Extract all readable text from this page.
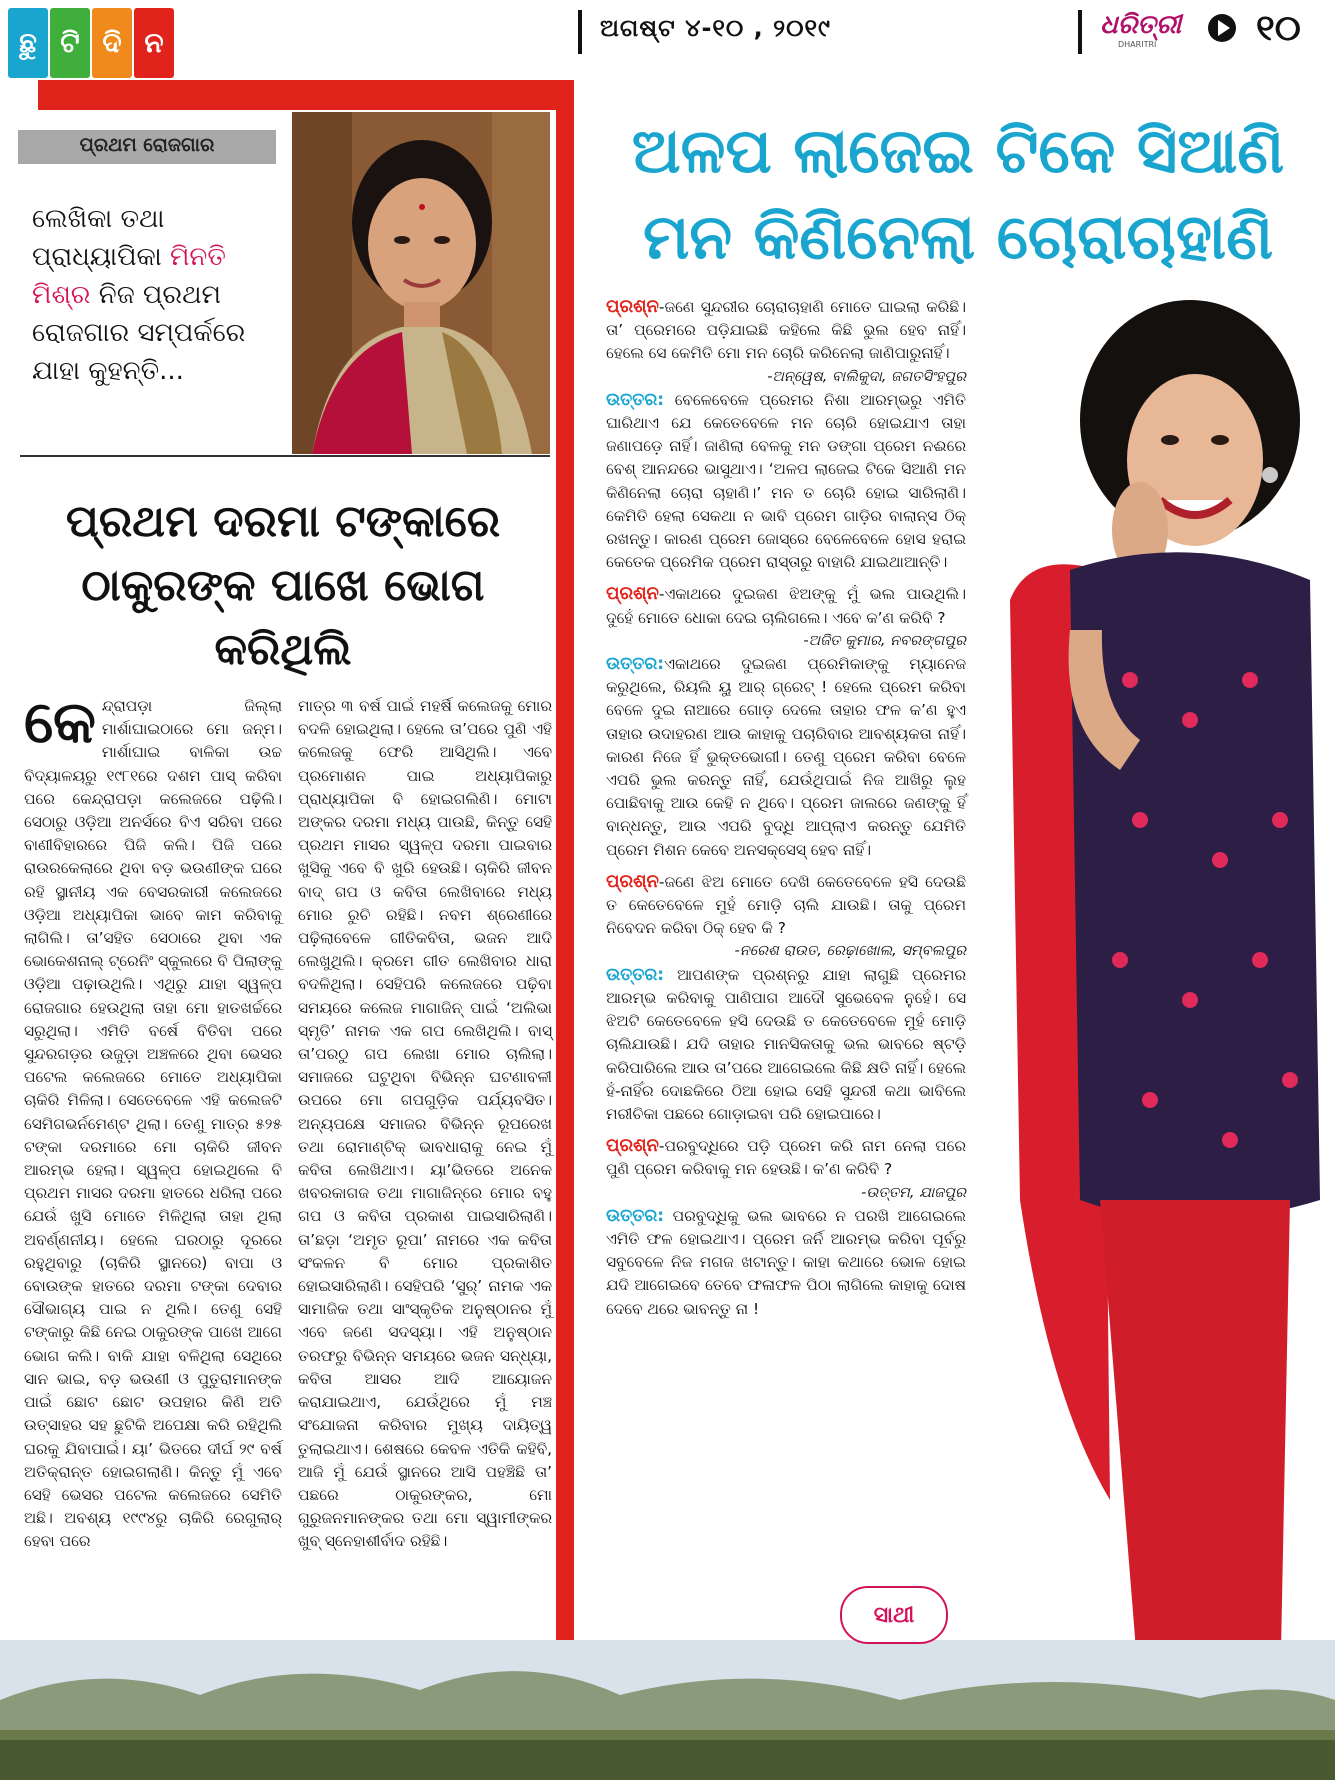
ଛୁ ଟି ଦି ନ	ଅଗଷ୍ଟ ୪-୧୦ , ୨୦୧୯	ଧରିତ୍ରୀ
DHARITRI	୧୦
ପ୍ରଥମ ରୋଜଗାର
ଲେଖିକା ତଥା ପ୍ରାଧ୍ୟାପିକା ମିନତି ମିଶ୍ର ନିଜ ପ୍ରଥମ ରୋଜଗାର ସମ୍ପର୍କରେ ଯାହା କୁହନ୍ତି...
ପ୍ରଥମ ଦରମା ଟଙ୍କାରେ ଠାକୁରଙ୍କ ପାଖେ ଭୋଗ କରିଥିଲି
କେନ୍ଦ୍ରାପଡ଼ା ଜିଲ୍ଲା ମାର୍ଶାଘାଇଠାରେ ମୋ ଜନ୍ମ। ମାର୍ଶାଘାଇ ବାଳିକା ଉଚ୍ଚ ବିଦ୍ୟାଳୟରୁ ୧୯୮୧ରେ ଦଶମ ପାସ୍ କରିବା ପରେ କେନ୍ଦ୍ରାପଡ଼ା କଲେଜରେ ପଢ଼ିଲି। ସେଠାରୁ ଓଡ଼ିଆ ଅନର୍ସରେ ବିଏ ସରିବା ପରେ ବାଣୀବିହାରରେ ପିଜି କଲି। ପିଜି ପରେ ରାଉରକେଲାରେ ଥିବା ବଡ଼ ଭଉଣୀଙ୍କ ଘରେ ରହି ସ୍ଥାନୀୟ ଏକ ବେସରକାରୀ କଲେଜରେ ଓଡ଼ିଆ ଅଧ୍ୟାପିକା ଭାବେ କାମ କରିବାକୁ ଲାଗିଲି। ତା’ସହିତ ସେଠାରେ ଥିବା ଏକ ଭୋକେଶନାଲ୍ ଟ୍ରେନିଂ ସ୍କୁଲରେ ବି ପିଲାଙ୍କୁ ଓଡ଼ିଆ ପଢ଼ାଉଥିଲି। ଏଥିରୁ ଯାହା ସ୍ୱଳ୍ପ ରୋଜଗାର ହେଉଥିଲା ତାହା ମୋ ହାତଖର୍ଚ୍ଚରେ ସରୁଥିଲା। ଏମିତି ବର୍ଷେ ବିତିବା ପରେ ସୁନ୍ଦରଗଡ଼ର ଉଜୁଡ଼ା ଅଞ୍ଚଳରେ ଥିବା ଭେସର ପଟେଲ କଲେଜରେ ମୋତେ ଅଧ୍ୟାପିକା ଚାକିରି ମିଳିଲା। ସେତେବେଳେ ଏହି କଲେଜଟି ସେମିଗଭର୍ନମେଣ୍ଟ ଥିଲା। ତେଣୁ ମାତ୍ର ୫୨୫ ଟଙ୍କା ଦରମାରେ ମୋ ଚାକିରି ଜୀବନ ଆରମ୍ଭ ହେଲା। ସ୍ୱଳ୍ପ ହୋଇଥିଲେ ବି ପ୍ରଥମ ମାସର ଦରମା ହାତରେ ଧରିଲା ପରେ ଯେଉଁ ଖୁସି ମୋତେ ମିଳିଥିଲା ତାହା ଥିଲା ଅବର୍ଣ୍ଣନୀୟ। ହେଲେ ଘରଠାରୁ ଦୂରରେ ରହୁଥିବାରୁ (ଚାକିରି ସ୍ଥାନରେ) ବାପା ଓ ବୋଉଙ୍କ ହାତରେ ଦରମା ଟଙ୍କା ଦେବାର ସୌଭାଗ୍ୟ ପାଇ ନ ଥିଲି। ତେଣୁ ସେହି ଟଙ୍କାରୁ କିଛି ନେଇ ଠାକୁରଙ୍କ ପାଖେ ଆଗେ ଭୋଗ କଲି। ବାକି ଯାହା ବଳିଥିଲା ସେଥିରେ ସାନ ଭାଇ, ବଡ଼ ଭଉଣୀ ଓ ପୁତୁରାମାନଙ୍କ ପାଇଁ ଛୋଟ ଛୋଟ ଉପହାର କିଣି ଅତି ଉତ୍ସାହର ସହ ଛୁଟିକି ଅପେକ୍ଷା କରି ରହିଥିଲି ଘରକୁ ଯିବାପାଇଁ। ୟା’ ଭିତରେ ଦୀର୍ଘ ୨୯ ବର୍ଷ ଅତିକ୍ରାନ୍ତ ହୋଇଗଲାଣି। କିନ୍ତୁ ମୁଁ ଏବେ ସେହି ଭେସର ପଟେଲ କଲେଜରେ ସେମିତି ଅଛି। ଅବଶ୍ୟ ୧୯୯୪ରୁ ଚାକିରି ରେଗୁଲାର୍ ହେବା ପରେ
ମାତ୍ର ୩ ବର୍ଷ ପାଇଁ ମହର୍ଷି କଲେଜକୁ ମୋର ବଦଳି ହୋଇଥିଲା। ହେଲେ ତା’ପରେ ପୁଣି ଏହି କଲେଜକୁ ଫେରି ଆସିଥିଲି। ଏବେ ପ୍ରମୋଶନ ପାଇ ଅଧ୍ୟାପିକାରୁ ପ୍ରାଧ୍ୟାପିକା ବି ହୋଇଗଲିଣି। ମୋଟା ଅଙ୍କର ଦରମା ମଧ୍ୟ ପାଉଛି, କିନ୍ତୁ ସେହି ପ୍ରଥମ ମାସର ସ୍ୱଳ୍ପ ଦରମା ପାଇବାର ଖୁସିକୁ ଏବେ ବି ଖୁରି ହେଉଛି। ଚାକିରି ଜୀବନ ବାଦ୍ ଗପ ଓ କବିତା ଲେଖିବାରେ ମଧ୍ୟ ମୋର ରୁଚି ରହିଛି। ନବମ ଶ୍ରେଣୀରେ ପଢ଼ିଲାବେଳେ ଗୀତିକବିତା, ଭଜନ ଆଦି ଲେଖୁଥିଲି। କ୍ରମେ ଗୀତ ଲେଖିବାର ଧାରା ବଦଳିଥିଲା। ସେହିପରି କଲେଜରେ ପଢ଼ିବା ସମୟରେ କଲେଜ ମାଗାଜିନ୍ ପାଇଁ ‘ଅଲିଭା ସ୍ମୃତି’ ନାମକ ଏକ ଗପ ଲେଖିଥିଲି। ବାସ୍ ତା’ପରଠୁ ଗପ ଲେଖା ମୋର ଚାଲିଲା। ସମାଜରେ ଘଟୁଥିବା ବିଭିନ୍ନ ଘଟଣାବଳୀ ଉପରେ ମୋ ଗପଗୁଡ଼ିକ ପର୍ଯ୍ୟବସିତ। ଅନ୍ୟପକ୍ଷେ ସମାଜର ବିଭିନ୍ନ ରୂପରେଖ ତଥା ରୋମାଣ୍ଟିକ୍ ଭାବଧାରାକୁ ନେଇ ମୁଁ କବିତା ଲେଖିଥାଏ। ୟା’ଭିତରେ ଅନେକ ଖବରକାଗଜ ତଥା ମାଗାଜିନ୍‌ରେ ମୋର ବହୁ ଗପ ଓ କବିତା ପ୍ରକାଶ ପାଇସାରିଲାଣି। ତା’ଛଡ଼ା ‘ଅମୃତ ରୂପା’ ନାମରେ ଏକ କବିତା ସଂକଳନ ବି ମୋର ପ୍ରକାଶିତ ହୋଇସାରିଲାଣି। ସେହିପରି ‘ସୁର୍’ ନାମକ ଏକ ସାମାଜିକ ତଥା ସାଂସ୍କୃତିକ ଅନୁଷ୍ଠାନର ମୁଁ ଏବେ ଜଣେ ସଦସ୍ୟା। ଏହି ଅନୁଷ୍ଠାନ ତରଫରୁ ବିଭିନ୍ନ ସମୟରେ ଭଜନ ସନ୍ଧ୍ୟା, କବିତା ଆସର ଆଦି ଆୟୋଜନ କରାଯାଇଥାଏ, ଯେଉଁଥିରେ ମୁଁ ମଞ୍ଚ ସଂଯୋଜନା କରିବାର ମୁଖ୍ୟ ଦାୟିତ୍ୱ ତୁଲାଇଥାଏ। ଶେଷରେ କେବଳ ଏତିକି କହିବି, ଆଜି ମୁଁ ଯେଉଁ ସ୍ଥାନରେ ଆସି ପହଞ୍ଚିଛି ତା’ ପଛରେ ଠାକୁରଙ୍କର, ମୋ ଗୁରୁଜନମାନଙ୍କର ତଥା ମୋ ସ୍ୱାମୀଙ୍କର ଖୁବ୍ ସ୍ନେହାଶୀର୍ବାଦ ରହିଛି।
ଅଳପ ଲାଜେଇ ଟିକେ ସିଆଣି ମନ କିଣିନେଲା ଚୋରାଚାହାଣି

ପ୍ରଶ୍ନ-ଜଣେ ସୁନ୍ଦରୀର ଚୋରାଚାହାଣି ମୋତେ ଘାଇଲା କରିଛି। ତା’ ପ୍ରେମରେ ପଡ଼ିଯାଇଛି କହିଲେ କିଛି ଭୁଲ ହେବ ନାହିଁ। ହେଲେ ସେ କେମିତି ମୋ ମନ ଚୋରି କରିନେଲା ଜାଣିପାରୁନାହିଁ।

-ଅନ୍ୱେଷ, ବାଲିକୁଦା, ଜଗତସିଂହପୁର

ଉତ୍ତର: ବେଳେବେଳେ ପ୍ରେମର ନିଶା ଆରମ୍ଭରୁ ଏମିତି ଘାରିଥାଏ ଯେ କେତେବେଳେ ମନ ଚୋରି ହୋଇଯାଏ ତାହା ଜଣାପଡ଼େ ନାହିଁ। ଜାଣିଲା ବେଳକୁ ମନ ଡଙ୍ଗା ପ୍ରେମ ନଈରେ ବେଶ୍ ଆନନ୍ଦରେ ଭାସୁଥାଏ। ‘ଅଳପ ଲାଜେଇ ଟିକେ ସିଆଣି ମନ କିଣିନେଲା ଚୋରା ଚାହାଣି।’ ମନ ତ ଚୋରି ହୋଇ ସାରିଲାଣି। କେମିତି ହେଲା ସେକଥା ନ ଭାବି ପ୍ରେମ ଗାଡ଼ିର ବାଲାନ୍ସ ଠିକ୍ ରଖନ୍ତୁ। କାରଣ ପ୍ରେମ ଜୋସ୍‌ରେ ବେଳେବେଳେ ହୋସ ହରାଇ କେତେକ ପ୍ରେମିକ ପ୍ରେମ ରାସ୍ତାରୁ ବାହାରି ଯାଇଥାଆନ୍ତି।

ପ୍ରଶ୍ନ-ଏକାଥରେ ଦୁଇଜଣ ଝିଅଙ୍କୁ ମୁଁ ଭଲ ପାଉଥିଲି। ଦୁହେଁ ମୋତେ ଧୋକା ଦେଇ ଚାଲିଗଲେ। ଏବେ କ’ଣ କରିବି ?

-ଅଜିତ କୁମାର, ନବରଙ୍ଗପୁର

ଉତ୍ତର:ଏକାଥରେ ଦୁଇଜଣ ପ୍ରେମିକାଙ୍କୁ ମ୍ୟାନେଜ କରୁଥିଲେ, ରିୟଲି ୟୁ ଆର୍ ଗ୍ରେଟ୍ ! ହେଲେ ପ୍ରେମ କରିବା ବେଳେ ଦୁଇ ନାଆରେ ଗୋଡ଼ ଦେଲେ ତାହାର ଫଳ କ’ଣ ହୁଏ ତାହାର ଉଦାହରଣ ଆଉ କାହାକୁ ପଚାରିବାର ଆବଶ୍ୟକତା ନାହିଁ। କାରଣ ନିଜେ ହିଁ ଭୁକ୍ତଭୋଗୀ। ତେଣୁ ପ୍ରେମ କରିବା ବେଳେ ଏପରି ଭୁଲ କରନ୍ତୁ ନାହିଁ, ଯେଉଁଥିପାଇଁ ନିଜ ଆଖିରୁ ଲୁହ ପୋଛିବାକୁ ଆଉ କେହି ନ ଥିବେ। ପ୍ରେମ ଜାଲରେ ଜଣଙ୍କୁ ହିଁ ବାନ୍ଧନ୍ତୁ, ଆଉ ଏପରି ବୁଦ୍ଧି ଆପ୍ଲାଏ କରନ୍ତୁ ଯେମିତି ପ୍ରେମ ମିଶନ କେବେ ଅନସକ୍‌ସେସ୍ ହେବ ନାହିଁ।

ପ୍ରଶ୍ନ-ଜଣେ ଝିଅ ମୋତେ ଦେଖି କେତେବେଳେ ହସି ଦେଉଛି ତ କେତେବେଳେ ମୁହଁ ମୋଡ଼ି ଚାଲି ଯାଉଛି। ତାକୁ ପ୍ରେମ ନିବେଦନ କରିବା ଠିକ୍ ହେବ କି ?

-ନରେଶ ରାଉତ, ରେଢ଼ାଖୋଲ, ସମ୍ବଲପୁର

ଉତ୍ତର: ଆପଣଙ୍କ ପ୍ରଶ୍ନରୁ ଯାହା ଲାଗୁଛି ପ୍ରେମର ଆରମ୍ଭ କରିବାକୁ ପାଣିପାଗ ଆଦୌ ସୁଭେବେଳ ନୁହେଁ। ସେ ଝିଅଟି କେତେବେଳେ ହସି ଦେଉଛି ତ କେତେବେଳେ ମୁହଁ ମୋଡ଼ି ଚାଲିଯାଉଛି। ଯଦି ତାହାର ମାନସିକତାକୁ ଭଲ ଭାବରେ ଷ୍ଟଡ଼ି କରିପାରିଲେ ଆଉ ତା’ପରେ ଆଗେଇଲେ କିଛି କ୍ଷତି ନାହିଁ। ହେଲେ ହଁ-ନାହିଁର ଦୋଛକିରେ ଠିଆ ହୋଇ ସେହି ସୁନ୍ଦରୀ କଥା ଭାବିଲେ ମରୀଚିକା ପଛରେ ଗୋଡ଼ାଇବା ପରି ହୋଇପାରେ।

ପ୍ରଶ୍ନ-ପରବୁଦ୍ଧିରେ ପଡ଼ି ପ୍ରେମ କରି ନାମ ନେଲା ପରେ ପୁଣି ପ୍ରେମ କରିବାକୁ ମନ ହେଉଛି। କ’ଣ କରିବି ?

-ଉତ୍ତମ, ଯାଜପୁର

ଉତ୍ତର: ପରବୁଦ୍ଧିକୁ ଭଲ ଭାବରେ ନ ପରଖି ଆଗେଇଲେ ଏମିତି ଫଳ ହୋଇଥାଏ। ପ୍ରେମ ଜର୍ନି ଆରମ୍ଭ କରିବା ପୂର୍ବରୁ ସବୁବେଳେ ନିଜ ମଗଜ ଖଟାନ୍ତୁ। କାହା କଥାରେ ଭୋଳ ହୋଇ ଯଦି ଆଗେଇବେ ତେବେ ଫଳାଫଳ ପିଠା ଲାଗିଲେ କାହାକୁ ଦୋଷ ଦେବେ ଥରେ ଭାବନ୍ତୁ ନା !

ସାଥୀ
